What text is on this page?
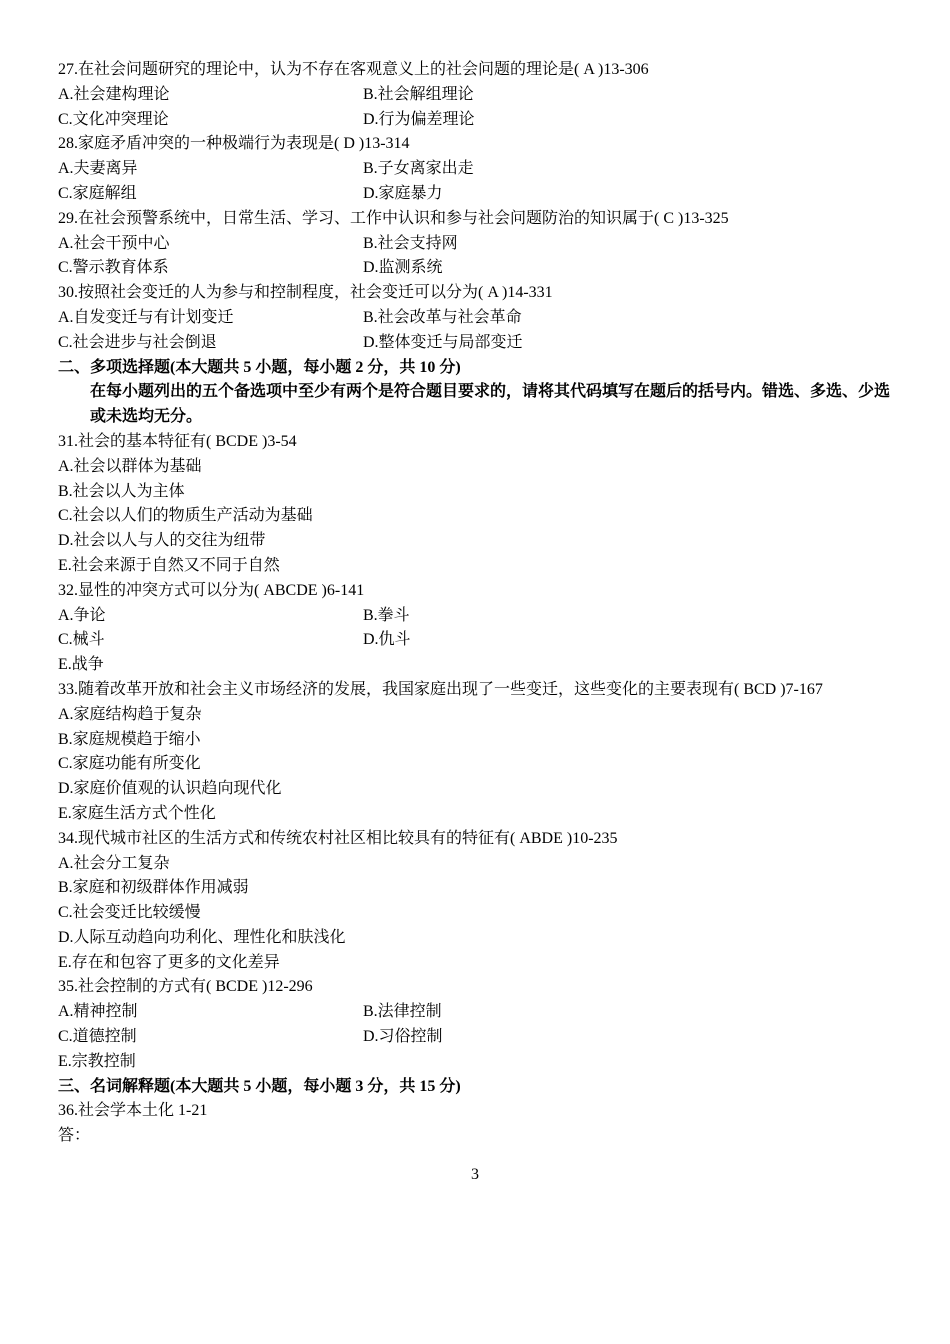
27.在社会问题研究的理论中，认为不存在客观意义上的社会问题的理论是( A )13-306
A.社会建构理论	B.社会解组理论
C.文化冲突理论	D.行为偏差理论
28.家庭矛盾冲突的一种极端行为表现是( D )13-314
A.夫妻离异	B.子女离家出走
C.家庭解组	D.家庭暴力
29.在社会预警系统中，日常生活、学习、工作中认识和参与社会问题防治的知识属于( C )13-325
A.社会干预中心	B.社会支持网
C.警示教育体系	D.监测系统
30.按照社会变迁的人为参与和控制程度，社会变迁可以分为( A )14-331
A.自发变迁与有计划变迁	B.社会改革与社会革命
C.社会进步与社会倒退	D.整体变迁与局部变迁
二、多项选择题(本大题共 5 小题，每小题 2 分，共 10 分)
在每小题列出的五个备选项中至少有两个是符合题目要求的，请将其代码填写在题后的括号内。错选、多选、少选或未选均无分。
31.社会的基本特征有( BCDE )3-54
A.社会以群体为基础
B.社会以人为主体
C.社会以人们的物质生产活动为基础
D.社会以人与人的交往为纽带
E.社会来源于自然又不同于自然
32.显性的冲突方式可以分为( ABCDE )6-141
A.争论	B.拳斗
C.械斗	D.仇斗
E.战争
33.随着改革开放和社会主义市场经济的发展，我国家庭出现了一些变迁，这些变化的主要表现有( BCD )7-167
A.家庭结构趋于复杂
B.家庭规模趋于缩小
C.家庭功能有所变化
D.家庭价值观的认识趋向现代化
E.家庭生活方式个性化
34.现代城市社区的生活方式和传统农村社区相比较具有的特征有( ABDE )10-235
A.社会分工复杂
B.家庭和初级群体作用减弱
C.社会变迁比较缓慢
D.人际互动趋向功利化、理性化和肤浅化
E.存在和包容了更多的文化差异
35.社会控制的方式有( BCDE )12-296
A.精神控制	B.法律控制
C.道德控制	D.习俗控制
E.宗教控制
三、名词解释题(本大题共 5 小题，每小题 3 分，共 15 分)
36.社会学本土化 1-21
答：
3
